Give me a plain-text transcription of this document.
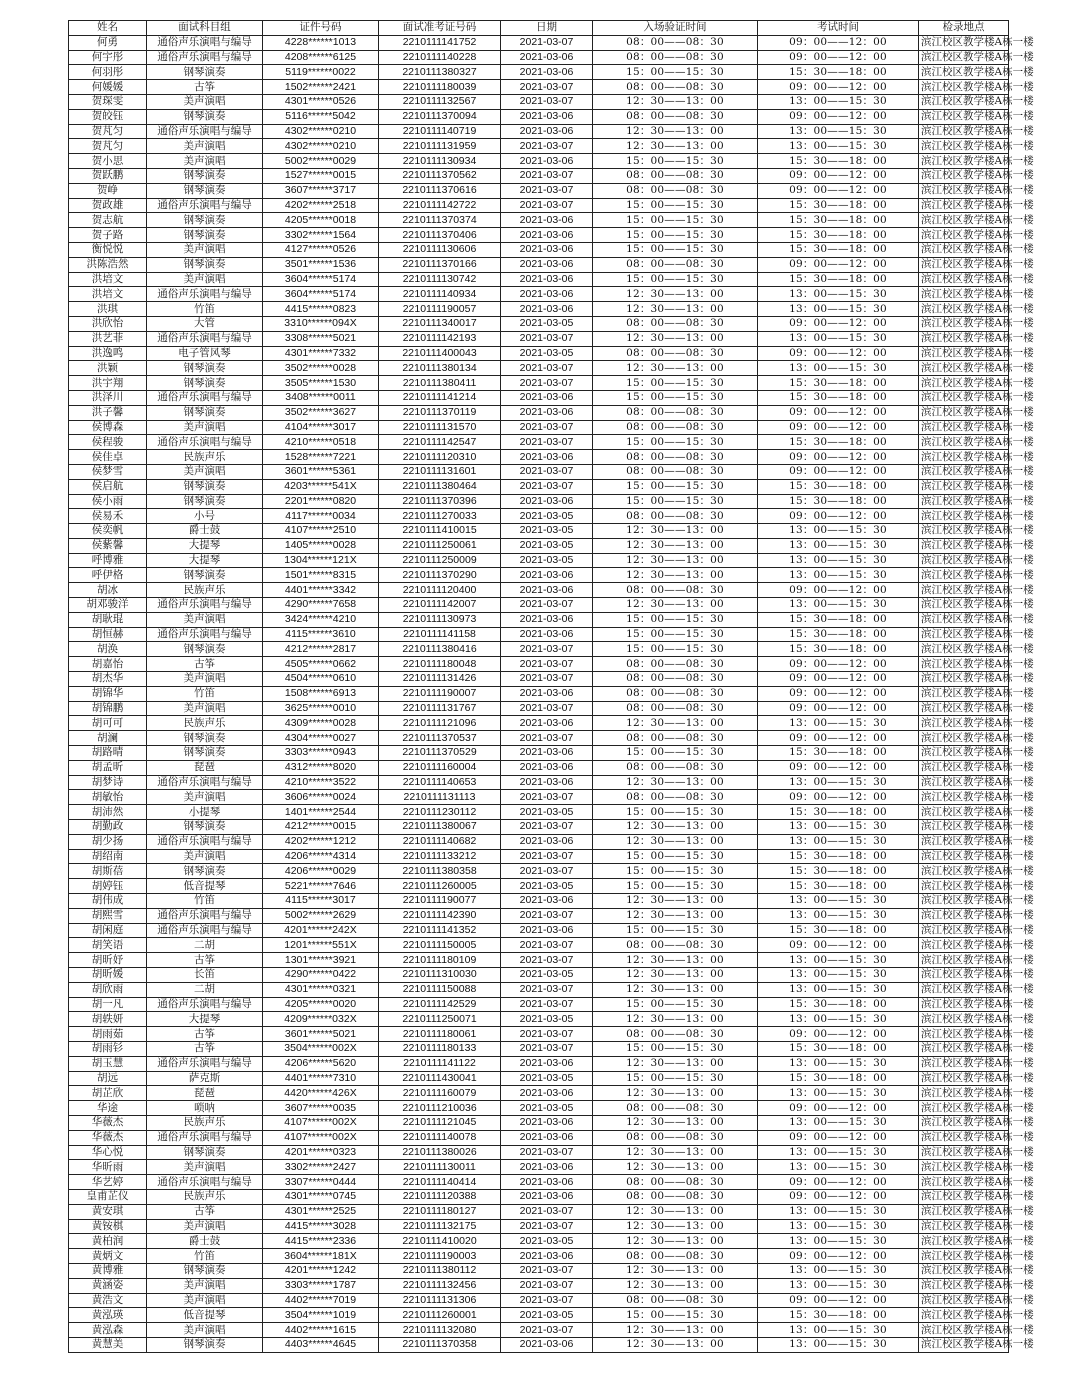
姓名	面试科目组	证件号码	面试准考证号码	日期	入场验证时间	考试时间	检录地点
何勇	通俗声乐演唱与编导	4228******1013	2210111141752	2021-03-07	08：00——08：30	09：00——12：00	滨江校区教学楼A栋一楼
何宇彤	通俗声乐演唱与编导	4208******6125	2210111140228	2021-03-06	08：00——08：30	09：00——12：00	滨江校区教学楼A栋一楼
何羽彤	钢琴演奏	5119******0022	2210111380327	2021-03-06	15：00——15：30	15：30——18：00	滨江校区教学楼A栋一楼
何媛媛	古筝	1502******2421	2210111180039	2021-03-07	08：00——08：30	09：00——12：00	滨江校区教学楼A栋一楼
贺琛雯	美声演唱	4301******0526	2210111132567	2021-03-07	12：30——13：00	13：00——15：30	滨江校区教学楼A栋一楼
贺皎钰	钢琴演奏	5116******5042	2210111370094	2021-03-06	08：00——08：30	09：00——12：00	滨江校区教学楼A栋一楼
贺芃匀	通俗声乐演唱与编导	4302******0210	2210111140719	2021-03-06	12：30——13：00	13：00——15：30	滨江校区教学楼A栋一楼
贺芃匀	美声演唱	4302******0210	2210111131959	2021-03-07	12：30——13：00	13：00——15：30	滨江校区教学楼A栋一楼
贺小思	美声演唱	5002******0029	2210111130934	2021-03-06	15：00——15：30	15：30——18：00	滨江校区教学楼A栋一楼
贺跃鹏	钢琴演奏	1527******0015	2210111370562	2021-03-07	08：00——08：30	09：00——12：00	滨江校区教学楼A栋一楼
贺峥	钢琴演奏	3607******3717	2210111370616	2021-03-07	08：00——08：30	09：00——12：00	滨江校区教学楼A栋一楼
贺政雄	通俗声乐演唱与编导	4202******2518	2210111142722	2021-03-07	15：00——15：30	15：30——18：00	滨江校区教学楼A栋一楼
贺志航	钢琴演奏	4205******0018	2210111370374	2021-03-06	15：00——15：30	15：30——18：00	滨江校区教学楼A栋一楼
贺子路	钢琴演奏	3302******1564	2210111370406	2021-03-06	15：00——15：30	15：30——18：00	滨江校区教学楼A栋一楼
衡悦悦	美声演唱	4127******0526	2210111130606	2021-03-06	15：00——15：30	15：30——18：00	滨江校区教学楼A栋一楼
洪陈浩然	钢琴演奏	3501******1536	2210111370166	2021-03-06	08：00——08：30	09：00——12：00	滨江校区教学楼A栋一楼
洪培文	美声演唱	3604******5174	2210111130742	2021-03-06	15：00——15：30	15：30——18：00	滨江校区教学楼A栋一楼
洪培文	通俗声乐演唱与编导	3604******5174	2210111140934	2021-03-06	12：30——13：00	13：00——15：30	滨江校区教学楼A栋一楼
洪琪	竹笛	4415******0823	2210111190057	2021-03-06	12：30——13：00	13：00——15：30	滨江校区教学楼A栋一楼
洪欣怡	大管	3310******094X	2210111340017	2021-03-05	08：00——08：30	09：00——12：00	滨江校区教学楼A栋一楼
洪艺菲	通俗声乐演唱与编导	3308******5021	2210111142193	2021-03-07	12：30——13：00	13：00——15：30	滨江校区教学楼A栋一楼
洪逸鸣	电子管风琴	4301******7332	2210111400043	2021-03-05	08：00——08：30	09：00——12：00	滨江校区教学楼A栋一楼
洪颖	钢琴演奏	3502******0028	2210111380134	2021-03-07	12：30——13：00	13：00——15：30	滨江校区教学楼A栋一楼
洪宇翔	钢琴演奏	3505******1530	2210111380411	2021-03-07	15：00——15：30	15：30——18：00	滨江校区教学楼A栋一楼
洪泽川	通俗声乐演唱与编导	3408******0011	2210111141214	2021-03-06	15：00——15：30	15：30——18：00	滨江校区教学楼A栋一楼
洪子馨	钢琴演奏	3502******3627	2210111370119	2021-03-06	08：00——08：30	09：00——12：00	滨江校区教学楼A栋一楼
侯博森	美声演唱	4104******3017	2210111131570	2021-03-07	08：00——08：30	09：00——12：00	滨江校区教学楼A栋一楼
侯程骏	通俗声乐演唱与编导	4210******0518	2210111142547	2021-03-07	15：00——15：30	15：30——18：00	滨江校区教学楼A栋一楼
侯佳卓	民族声乐	1528******7221	2210111120310	2021-03-06	08：00——08：30	09：00——12：00	滨江校区教学楼A栋一楼
侯梦雪	美声演唱	3601******5361	2210111131601	2021-03-07	08：00——08：30	09：00——12：00	滨江校区教学楼A栋一楼
侯启航	钢琴演奏	4203******541X	2210111380464	2021-03-07	15：00——15：30	15：30——18：00	滨江校区教学楼A栋一楼
侯小雨	钢琴演奏	2201******0820	2210111370396	2021-03-06	15：00——15：30	15：30——18：00	滨江校区教学楼A栋一楼
侯易禾	小号	4117******0034	2210111270033	2021-03-05	08：00——08：30	09：00——12：00	滨江校区教学楼A栋一楼
侯奕帆	爵士鼓	4107******2510	2210111410015	2021-03-05	12：30——13：00	13：00——15：30	滨江校区教学楼A栋一楼
侯紫馨	大提琴	1405******0028	2210111250061	2021-03-05	12：30——13：00	13：00——15：30	滨江校区教学楼A栋一楼
呼博雅	大提琴	1304******121X	2210111250009	2021-03-05	12：30——13：00	13：00——15：30	滨江校区教学楼A栋一楼
呼伊格	钢琴演奏	1501******8315	2210111370290	2021-03-06	12：30——13：00	13：00——15：30	滨江校区教学楼A栋一楼
胡冰	民族声乐	4401******3342	2210111120400	2021-03-06	08：00——08：30	09：00——12：00	滨江校区教学楼A栋一楼
胡邓骏洋	通俗声乐演唱与编导	4290******7658	2210111142007	2021-03-07	12：30——13：00	13：00——15：30	滨江校区教学楼A栋一楼
胡耿琨	美声演唱	3424******4210	2210111130973	2021-03-06	15：00——15：30	15：30——18：00	滨江校区教学楼A栋一楼
胡恒赫	通俗声乐演唱与编导	4115******3610	2210111141158	2021-03-06	15：00——15：30	15：30——18：00	滨江校区教学楼A栋一楼
胡涣	钢琴演奏	4212******2817	2210111380416	2021-03-07	15：00——15：30	15：30——18：00	滨江校区教学楼A栋一楼
胡嘉怡	古筝	4505******0662	2210111180048	2021-03-07	08：00——08：30	09：00——12：00	滨江校区教学楼A栋一楼
胡杰华	美声演唱	4504******0610	2210111131426	2021-03-07	08：00——08：30	09：00——12：00	滨江校区教学楼A栋一楼
胡锦华	竹笛	1508******6913	2210111190007	2021-03-06	08：00——08：30	09：00——12：00	滨江校区教学楼A栋一楼
胡锦鹏	美声演唱	3625******0010	2210111131767	2021-03-07	08：00——08：30	09：00——12：00	滨江校区教学楼A栋一楼
胡可可	民族声乐	4309******0028	2210111121096	2021-03-06	12：30——13：00	13：00——15：30	滨江校区教学楼A栋一楼
胡澜	钢琴演奏	4304******0027	2210111370537	2021-03-07	08：00——08：30	09：00——12：00	滨江校区教学楼A栋一楼
胡路晴	钢琴演奏	3303******0943	2210111370529	2021-03-06	15：00——15：30	15：30——18：00	滨江校区教学楼A栋一楼
胡孟昕	琵琶	4312******8020	2210111160004	2021-03-06	08：00——08：30	09：00——12：00	滨江校区教学楼A栋一楼
胡梦诗	通俗声乐演唱与编导	4210******3522	2210111140653	2021-03-06	12：30——13：00	13：00——15：30	滨江校区教学楼A栋一楼
胡敏怡	美声演唱	3606******0024	2210111131113	2021-03-07	08：00——08：30	09：00——12：00	滨江校区教学楼A栋一楼
胡沛然	小提琴	1401******2544	2210111230112	2021-03-05	15：00——15：30	15：30——18：00	滨江校区教学楼A栋一楼
胡勤政	钢琴演奏	4212******0015	2210111380067	2021-03-07	12：30——13：00	13：00——15：30	滨江校区教学楼A栋一楼
胡少扬	通俗声乐演唱与编导	4202******1212	2210111140682	2021-03-06	12：30——13：00	13：00——15：30	滨江校区教学楼A栋一楼
胡绍南	美声演唱	4206******4314	2210111133212	2021-03-07	15：00——15：30	15：30——18：00	滨江校区教学楼A栋一楼
胡斯蓓	钢琴演奏	4206******0029	2210111380358	2021-03-07	15：00——15：30	15：30——18：00	滨江校区教学楼A栋一楼
胡婷钰	低音提琴	5221******7646	2210111260005	2021-03-05	15：00——15：30	15：30——18：00	滨江校区教学楼A栋一楼
胡伟成	竹笛	4115******3017	2210111190077	2021-03-06	12：30——13：00	13：00——15：30	滨江校区教学楼A栋一楼
胡熙雪	通俗声乐演唱与编导	5002******2629	2210111142390	2021-03-07	12：30——13：00	13：00——15：30	滨江校区教学楼A栋一楼
胡闲庭	通俗声乐演唱与编导	4201******242X	2210111141352	2021-03-06	15：00——15：30	15：30——18：00	滨江校区教学楼A栋一楼
胡笑语	二胡	1201******551X	2210111150005	2021-03-07	08：00——08：30	09：00——12：00	滨江校区教学楼A栋一楼
胡昕妤	古筝	1301******3921	2210111180109	2021-03-07	12：30——13：00	13：00——15：30	滨江校区教学楼A栋一楼
胡昕媛	长笛	4290******0422	2210111310030	2021-03-05	12：30——13：00	13：00——15：30	滨江校区教学楼A栋一楼
胡欣雨	二胡	4301******0321	2210111150088	2021-03-07	12：30——13：00	13：00——15：30	滨江校区教学楼A栋一楼
胡一凡	通俗声乐演唱与编导	4205******0020	2210111142529	2021-03-07	15：00——15：30	15：30——18：00	滨江校区教学楼A栋一楼
胡轶妍	大提琴	4209******032X	2210111250071	2021-03-05	12：30——13：00	13：00——15：30	滨江校区教学楼A栋一楼
胡雨茹	古筝	3601******5021	2210111180061	2021-03-07	08：00——08：30	09：00——12：00	滨江校区教学楼A栋一楼
胡雨钐	古筝	3504******002X	2210111180133	2021-03-07	15：00——15：30	15：30——18：00	滨江校区教学楼A栋一楼
胡玉慧	通俗声乐演唱与编导	4206******5620	2210111141122	2021-03-06	12：30——13：00	13：00——15：30	滨江校区教学楼A栋一楼
胡远	萨克斯	4401******7310	2210111430041	2021-03-05	15：00——15：30	15：30——18：00	滨江校区教学楼A栋一楼
胡芷欣	琵琶	4420******426X	2210111160079	2021-03-06	12：30——13：00	13：00——15：30	滨江校区教学楼A栋一楼
华途	唢呐	3607******0035	2210111210036	2021-03-05	08：00——08：30	09：00——12：00	滨江校区教学楼A栋一楼
华薇杰	民族声乐	4107******002X	2210111121045	2021-03-06	12：30——13：00	13：00——15：30	滨江校区教学楼A栋一楼
华薇杰	通俗声乐演唱与编导	4107******002X	2210111140078	2021-03-06	08：00——08：30	09：00——12：00	滨江校区教学楼A栋一楼
华心悦	钢琴演奏	4201******0323	2210111380026	2021-03-07	12：30——13：00	13：00——15：30	滨江校区教学楼A栋一楼
华昕雨	美声演唱	3302******2427	2210111130011	2021-03-06	12：30——13：00	13：00——15：30	滨江校区教学楼A栋一楼
华艺婷	通俗声乐演唱与编导	3307******0444	2210111140414	2021-03-06	08：00——08：30	09：00——12：00	滨江校区教学楼A栋一楼
皇甫芷仪	民族声乐	4301******0745	2210111120388	2021-03-06	08：00——08：30	09：00——12：00	滨江校区教学楼A栋一楼
黄安琪	古筝	4301******2525	2210111180127	2021-03-07	12：30——13：00	13：00——15：30	滨江校区教学楼A栋一楼
黄铵棋	美声演唱	4415******3028	2210111132175	2021-03-07	12：30——13：00	13：00——15：30	滨江校区教学楼A栋一楼
黄柏润	爵士鼓	4415******2336	2210111410020	2021-03-05	12：30——13：00	13：00——15：30	滨江校区教学楼A栋一楼
黄炳文	竹笛	3604******181X	2210111190003	2021-03-06	08：00——08：30	09：00——12：00	滨江校区教学楼A栋一楼
黄博雅	钢琴演奏	4201******1242	2210111380112	2021-03-07	12：30——13：00	13：00——15：30	滨江校区教学楼A栋一楼
黄涵姿	美声演唱	3303******1787	2210111132456	2021-03-07	12：30——13：00	13：00——15：30	滨江校区教学楼A栋一楼
黄浩文	美声演唱	4402******7019	2210111131306	2021-03-07	08：00——08：30	09：00——12：00	滨江校区教学楼A栋一楼
黄泓瑛	低音提琴	3504******1019	2210111260001	2021-03-05	15：00——15：30	15：30——18：00	滨江校区教学楼A栋一楼
黄泓森	美声演唱	4402******1615	2210111132080	2021-03-07	12：30——13：00	13：00——15：30	滨江校区教学楼A栋一楼
黄慧美	钢琴演奏	4403******4645	2210111370358	2021-03-06	12：30——13：00	13：00——15：30	滨江校区教学楼A栋一楼
